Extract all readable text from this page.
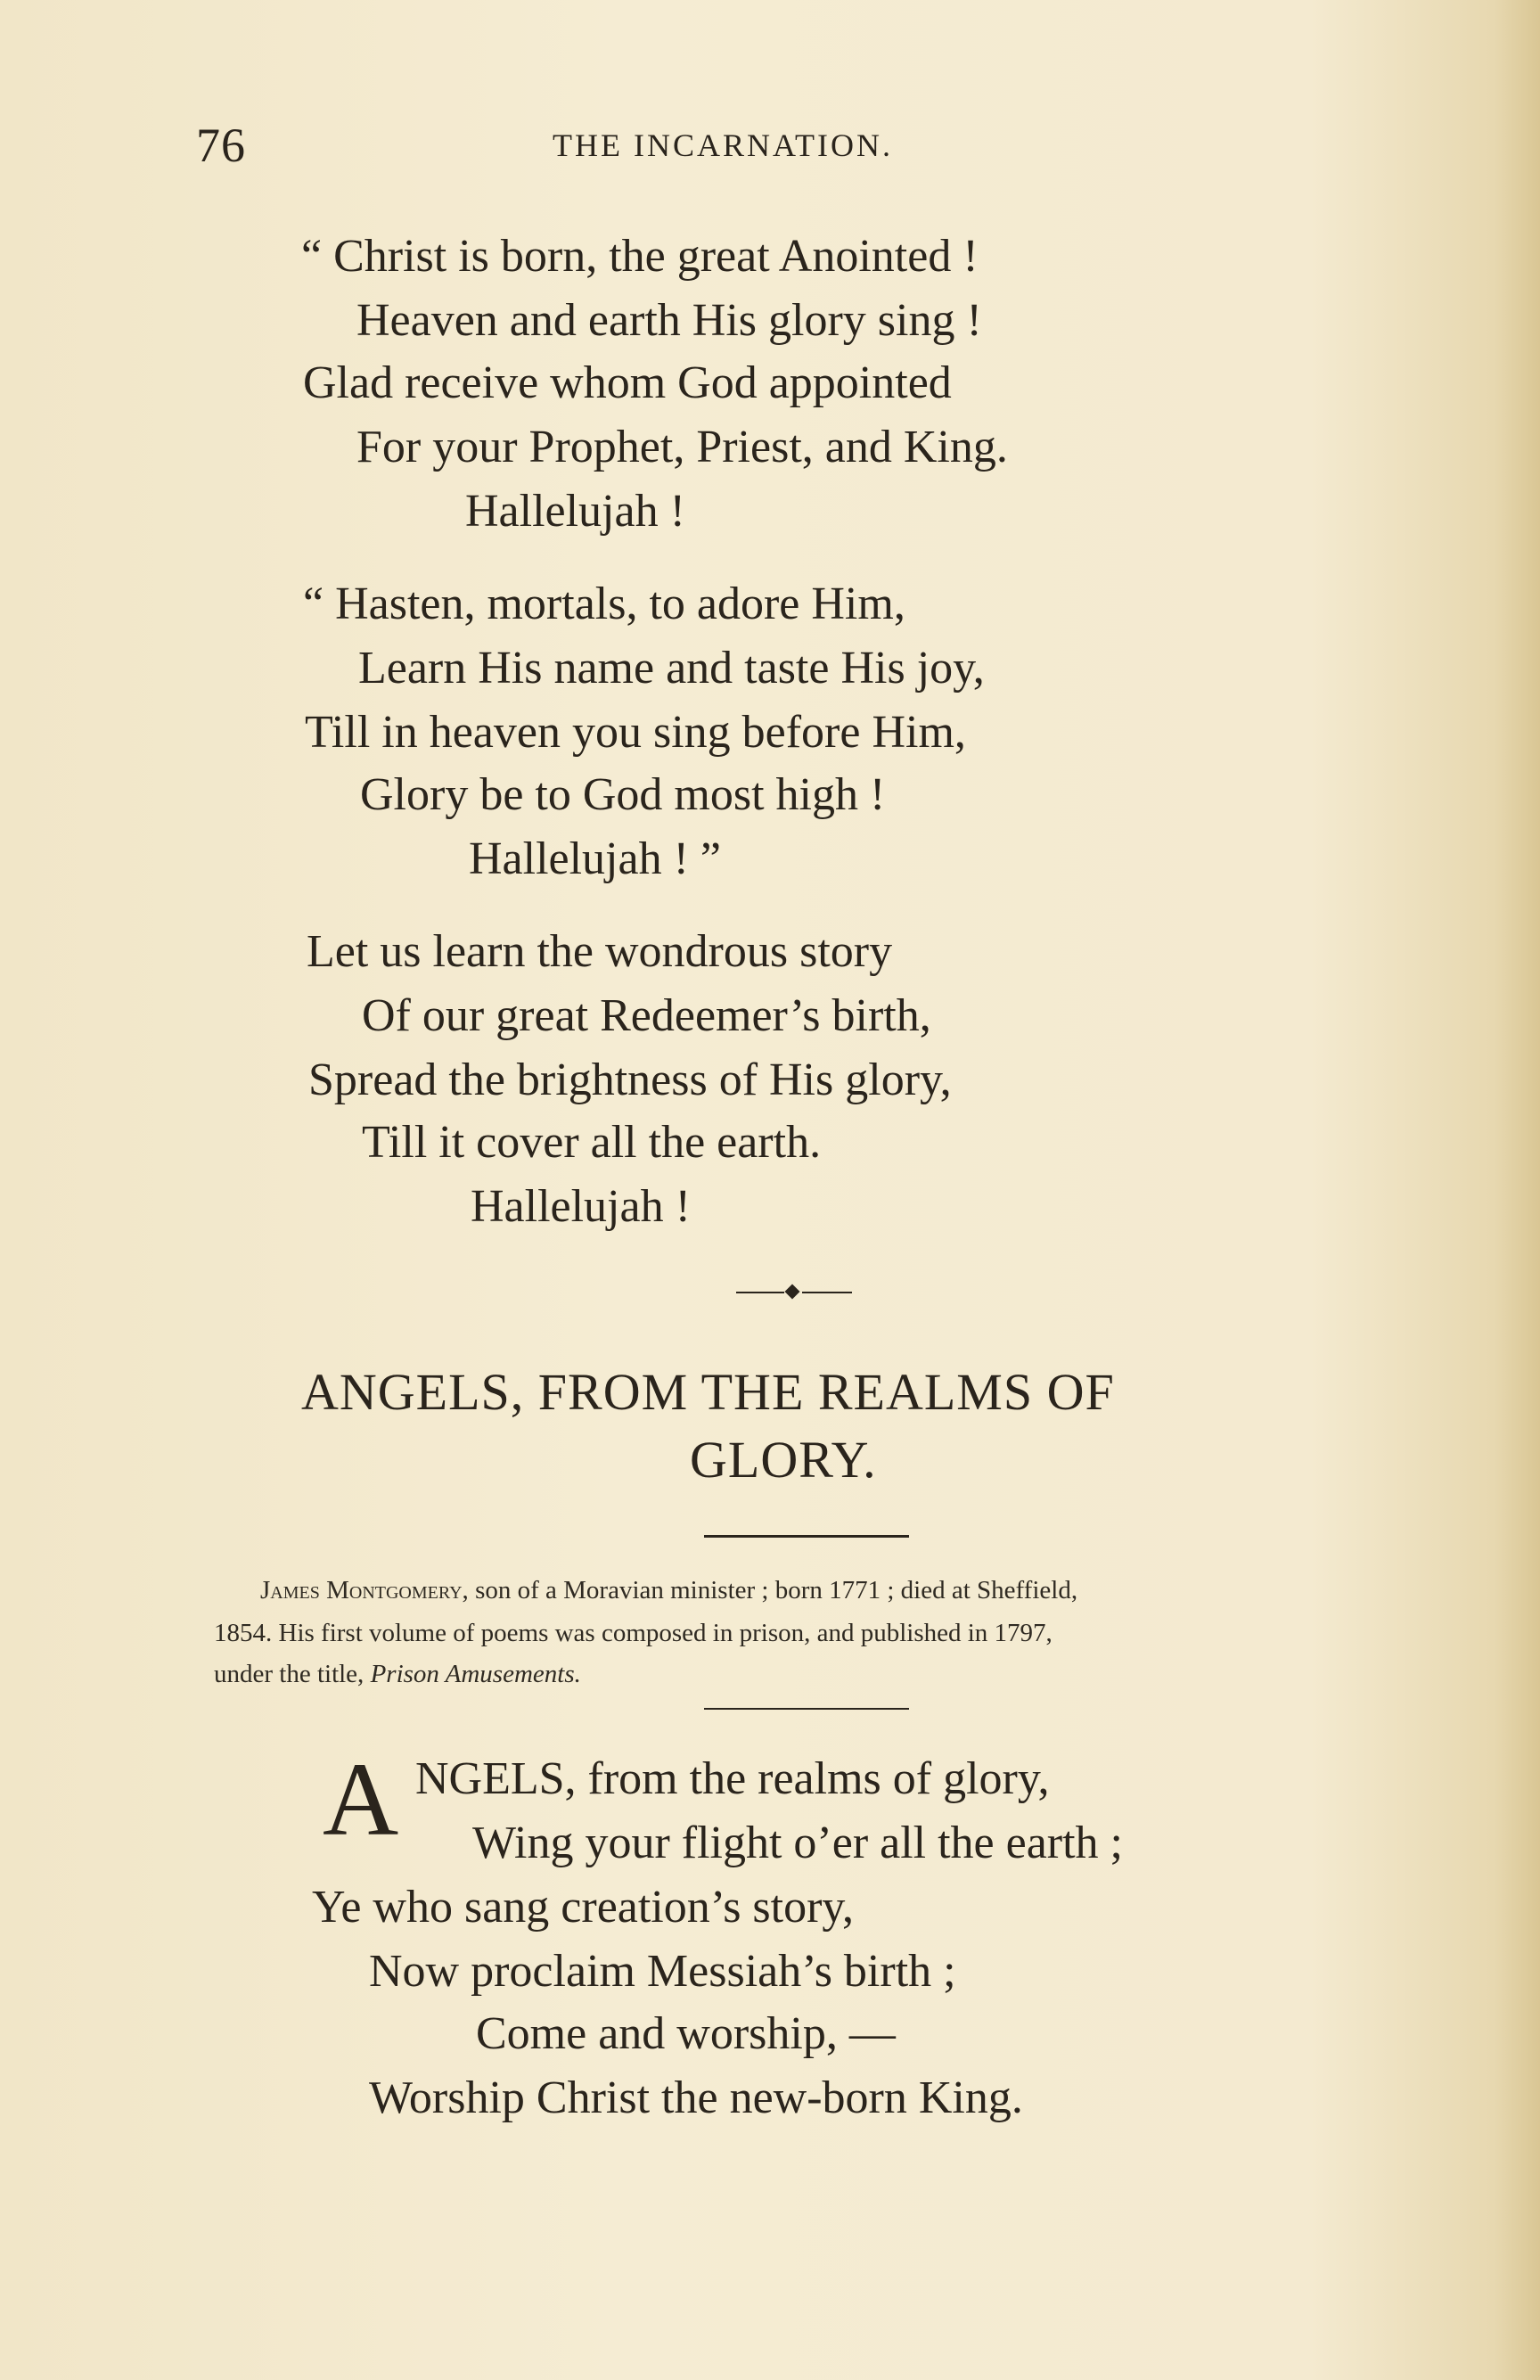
76	THE INCARNATION.
“ Christ is born, the great Anointed !
Heaven and earth His glory sing !
Glad receive whom God appointed
For your Prophet, Priest, and King.
Hallelujah !
“ Hasten, mortals, to adore Him,
Learn His name and taste His joy,
Till in heaven you sing before Him,
Glory be to God most high !
Hallelujah ! ”
Let us learn the wondrous story
Of our great Redeemer’s birth,
Spread the brightness of His glory,
Till it cover all the earth.
Hallelujah !
ANGELS, FROM THE REALMS OF
GLORY.
James Montgomery, son of a Moravian minister ; born 1771 ; died at Sheffield,
1854. His first volume of poems was composed in prison, and published in 1797,
under the title, Prison Amusements.
A NGELS, from the realms of glory,
Wing your flight o’er all the earth ;
Ye who sang creation’s story,
Now proclaim Messiah’s birth ;
Come and worship, —
Worship Christ the new-born King.
